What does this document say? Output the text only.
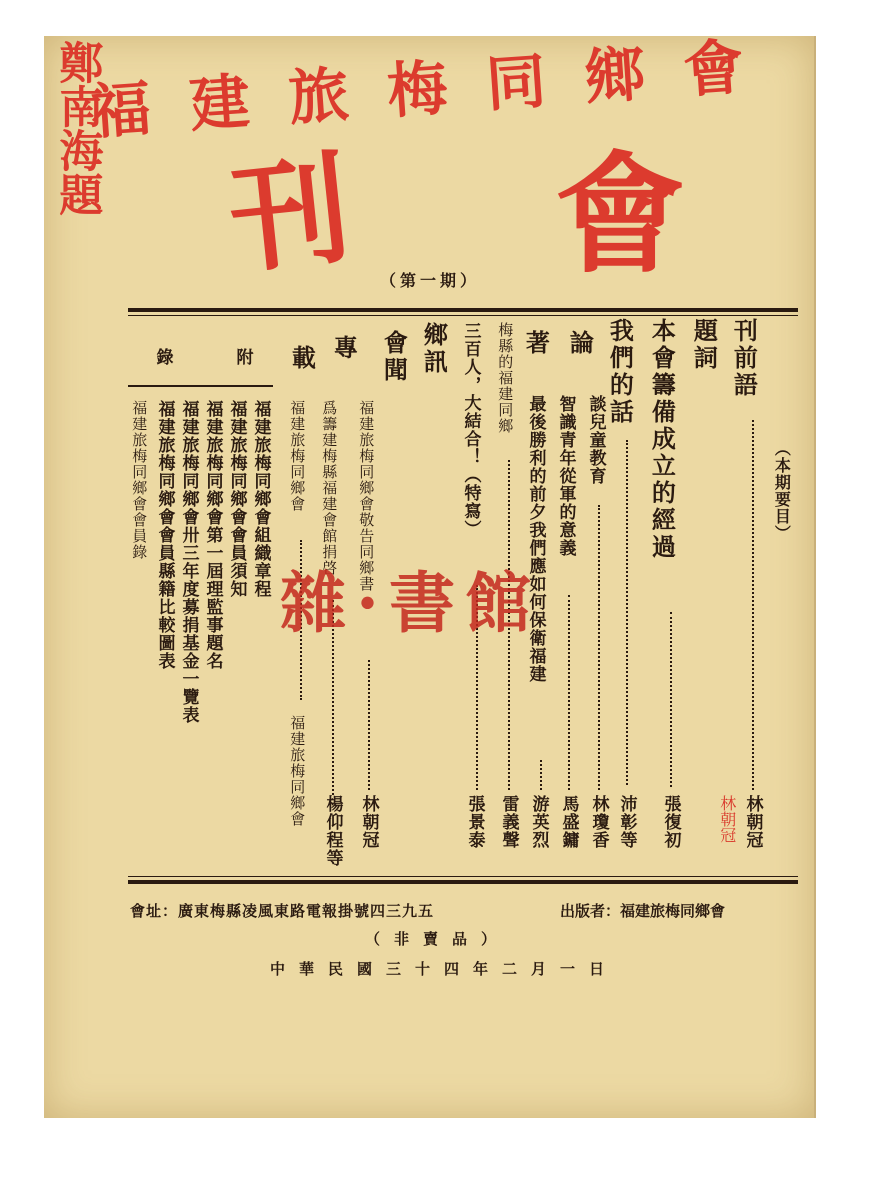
鄭南海題
福 建 旅 梅 同 鄉 會
刊 會
（第一期）
（本期要目）
刊前語
林朝冠
題詞
本會籌備成立的經過
張復初
我們的話
沛彰等
論
談兒童教育
林瓊香
智識青年從軍的意義
馬盛鏞
著
最後勝利的前夕我們應如何保衛福建
游英烈
梅縣的福建同鄉
雷義聲
三百人，大結合！（特寫）
張景泰
鄉訊
會聞
福建旅梅同鄉會敬告同鄉書
林朝冠
專
爲籌建梅縣福建會館捐啓
楊仰程等
載
福建旅梅同鄉會
福建旅梅同鄉會
附
錄
福建旅梅同鄉會組織章程
福建旅梅同鄉會會員須知
福建旅梅同鄉會第一屆理監事題名
福建旅梅同鄉會卅三年度募捐基金一覽表
福建旅梅同鄉會會員縣籍比較圖表
福建旅梅同鄉會會員錄
出版者：福建旅梅同鄉會
會址：廣東梅縣凌風東路電報掛號四三九五
（非賣品）
中華民國三十四年二月一日
雜·書館
林朝冠
